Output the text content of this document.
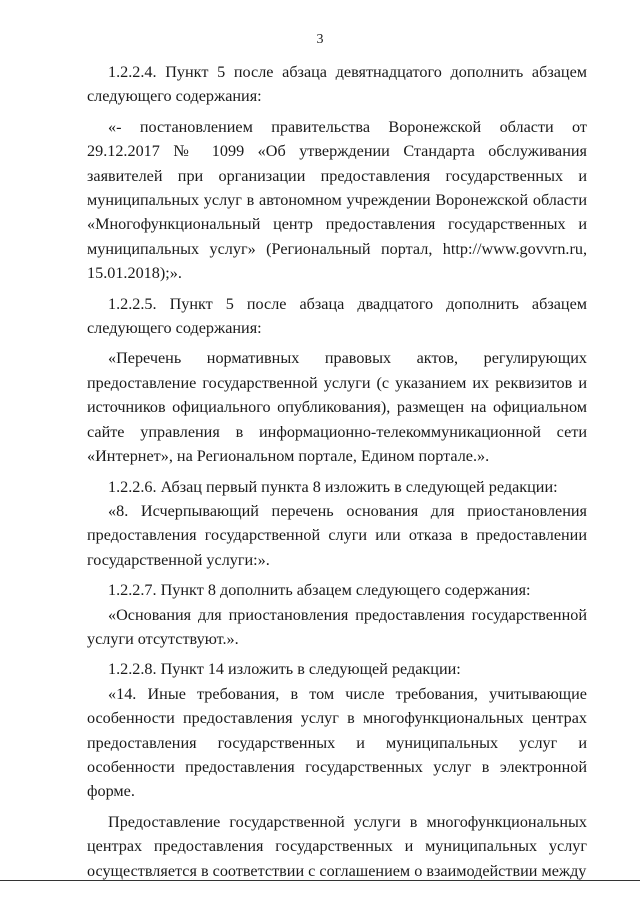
3

1.2.2.4. Пункт 5 после абзаца девятнадцатого дополнить абзацем следующего содержания:

«- постановлением правительства Воронежской области от 29.12.2017 № 1099 «Об утверждении Стандарта обслуживания заявителей при организации предоставления государственных и муниципальных услуг в автономном учреждении Воронежской области «Многофункциональный центр предоставления государственных и муниципальных услуг» (Региональный портал, http://www.govvrn.ru, 15.01.2018);».

1.2.2.5. Пункт 5 после абзаца двадцатого дополнить абзацем следующего содержания:

«Перечень нормативных правовых актов, регулирующих предоставление государственной услуги (с указанием их реквизитов и источников официального опубликования), размещен на официальном сайте управления в информационно-телекоммуникационной сети «Интернет», на Региональном портале, Едином портале.».

1.2.2.6. Абзац первый пункта 8 изложить в следующей редакции:

«8. Исчерпывающий перечень основания для приостановления предоставления государственной слуги или отказа в предоставлении государственной услуги:».

1.2.2.7. Пункт 8 дополнить абзацем следующего содержания:

«Основания для приостановления предоставления государственной услуги отсутствуют.».

1.2.2.8. Пункт 14 изложить в следующей редакции:

«14. Иные требования, в том числе требования, учитывающие особенности предоставления услуг в многофункциональных центрах предоставления государственных и муниципальных услуг и особенности предоставления государственных услуг в электронной форме.

Предоставление государственной услуги в многофункциональных центрах предоставления государственных и муниципальных услуг осуществляется в соответствии с соглашением о взаимодействии между
